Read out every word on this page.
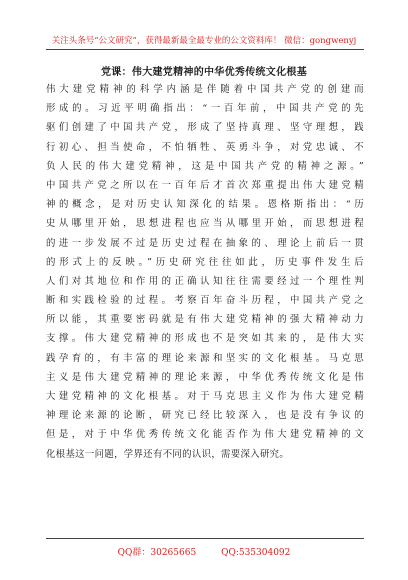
关注头条号“公文研究”，获得最新最全最专业的公文资料库！ 微信：gongwenyj
党课：伟大建党精神的中华优秀传统文化根基
伟大建党精神的科学内涵是伴随着中国共产党的创建而
形成的。习近平明确指出：“一百年前，中国共产党的先
驱们创建了中国共产党，形成了坚持真理、坚守理想，践
行初心、担当使命，不怕牺牲、英勇斗争，对党忠诚、不
负人民的伟大建党精神，这是中国共产党的精神之源。”
中国共产党之所以在一百年后才首次郑重提出伟大建党精
神的概念，是对历史认知深化的结果。恩格斯指出：“历
史从哪里开始，思想进程也应当从哪里开始，而思想进程
的进一步发展不过是历史过程在抽象的、理论上前后一贯
的形式上的反映。”历史研究往往如此，历史事件发生后
人们对其地位和作用的正确认知往往需要经过一个理性判
断和实践检验的过程。考察百年奋斗历程，中国共产党之
所以能，其重要密码就是有伟大建党精神的强大精神动力
支撑。伟大建党精神的形成也不是突如其来的，是伟大实
践孕育的，有丰富的理论来源和坚实的文化根基。马克思
主义是伟大建党精神的理论来源，中华优秀传统文化是伟
大建党精神的文化根基。对于马克思主义作为伟大建党精
神理论来源的论断，研究已经比较深入，也是没有争议的
但是，对于中华优秀传统文化能否作为伟大建党精神的文
化根基这一问题，学界还有不同的认识，需要深入研究。
QQ群：30265665	QQ:535304092
